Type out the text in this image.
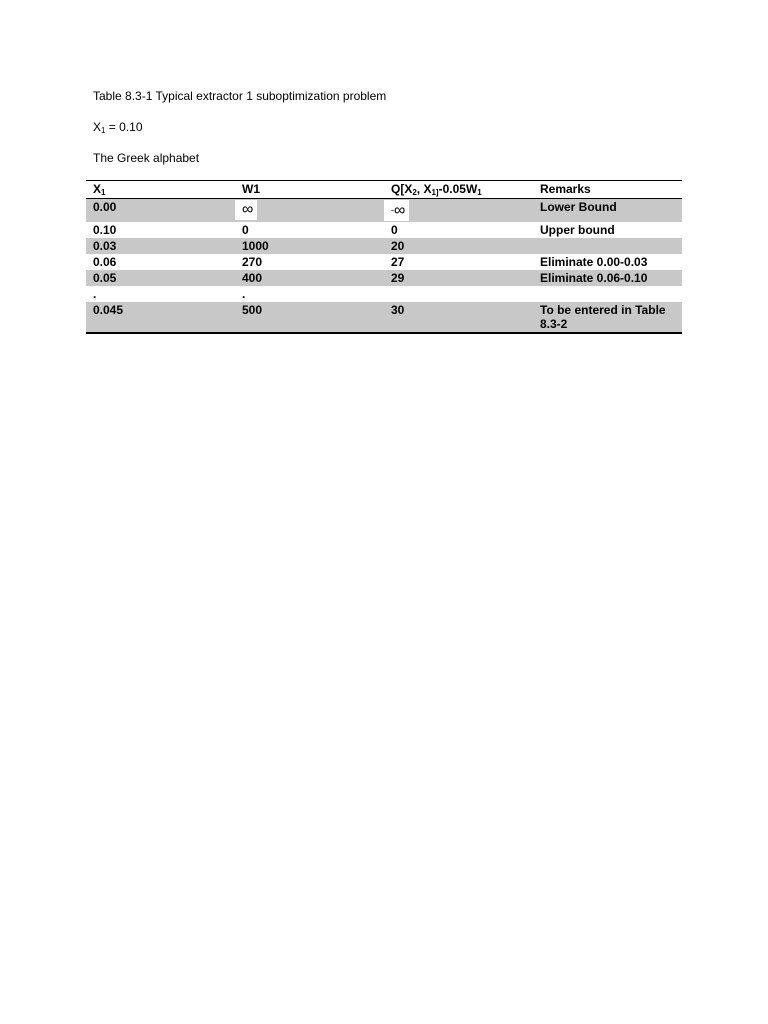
Table 8.3-1 Typical extractor 1 suboptimization problem
$X_1 = 0.10$
The Greek alphabet
$X_1$	W1	$Q[X_2$, $X_{1]}-0.05W_1$	Remarks
0.00	∞	-∞	Lower Bound
0.10	0	0	Upper bound
0.03	1000	20	
0.06	270	27	Eliminate 0.00-0.03
0.05	400	29	Eliminate 0.06-0.10
.	.		
0.045	500	30	To be entered in Table 8.3-2
